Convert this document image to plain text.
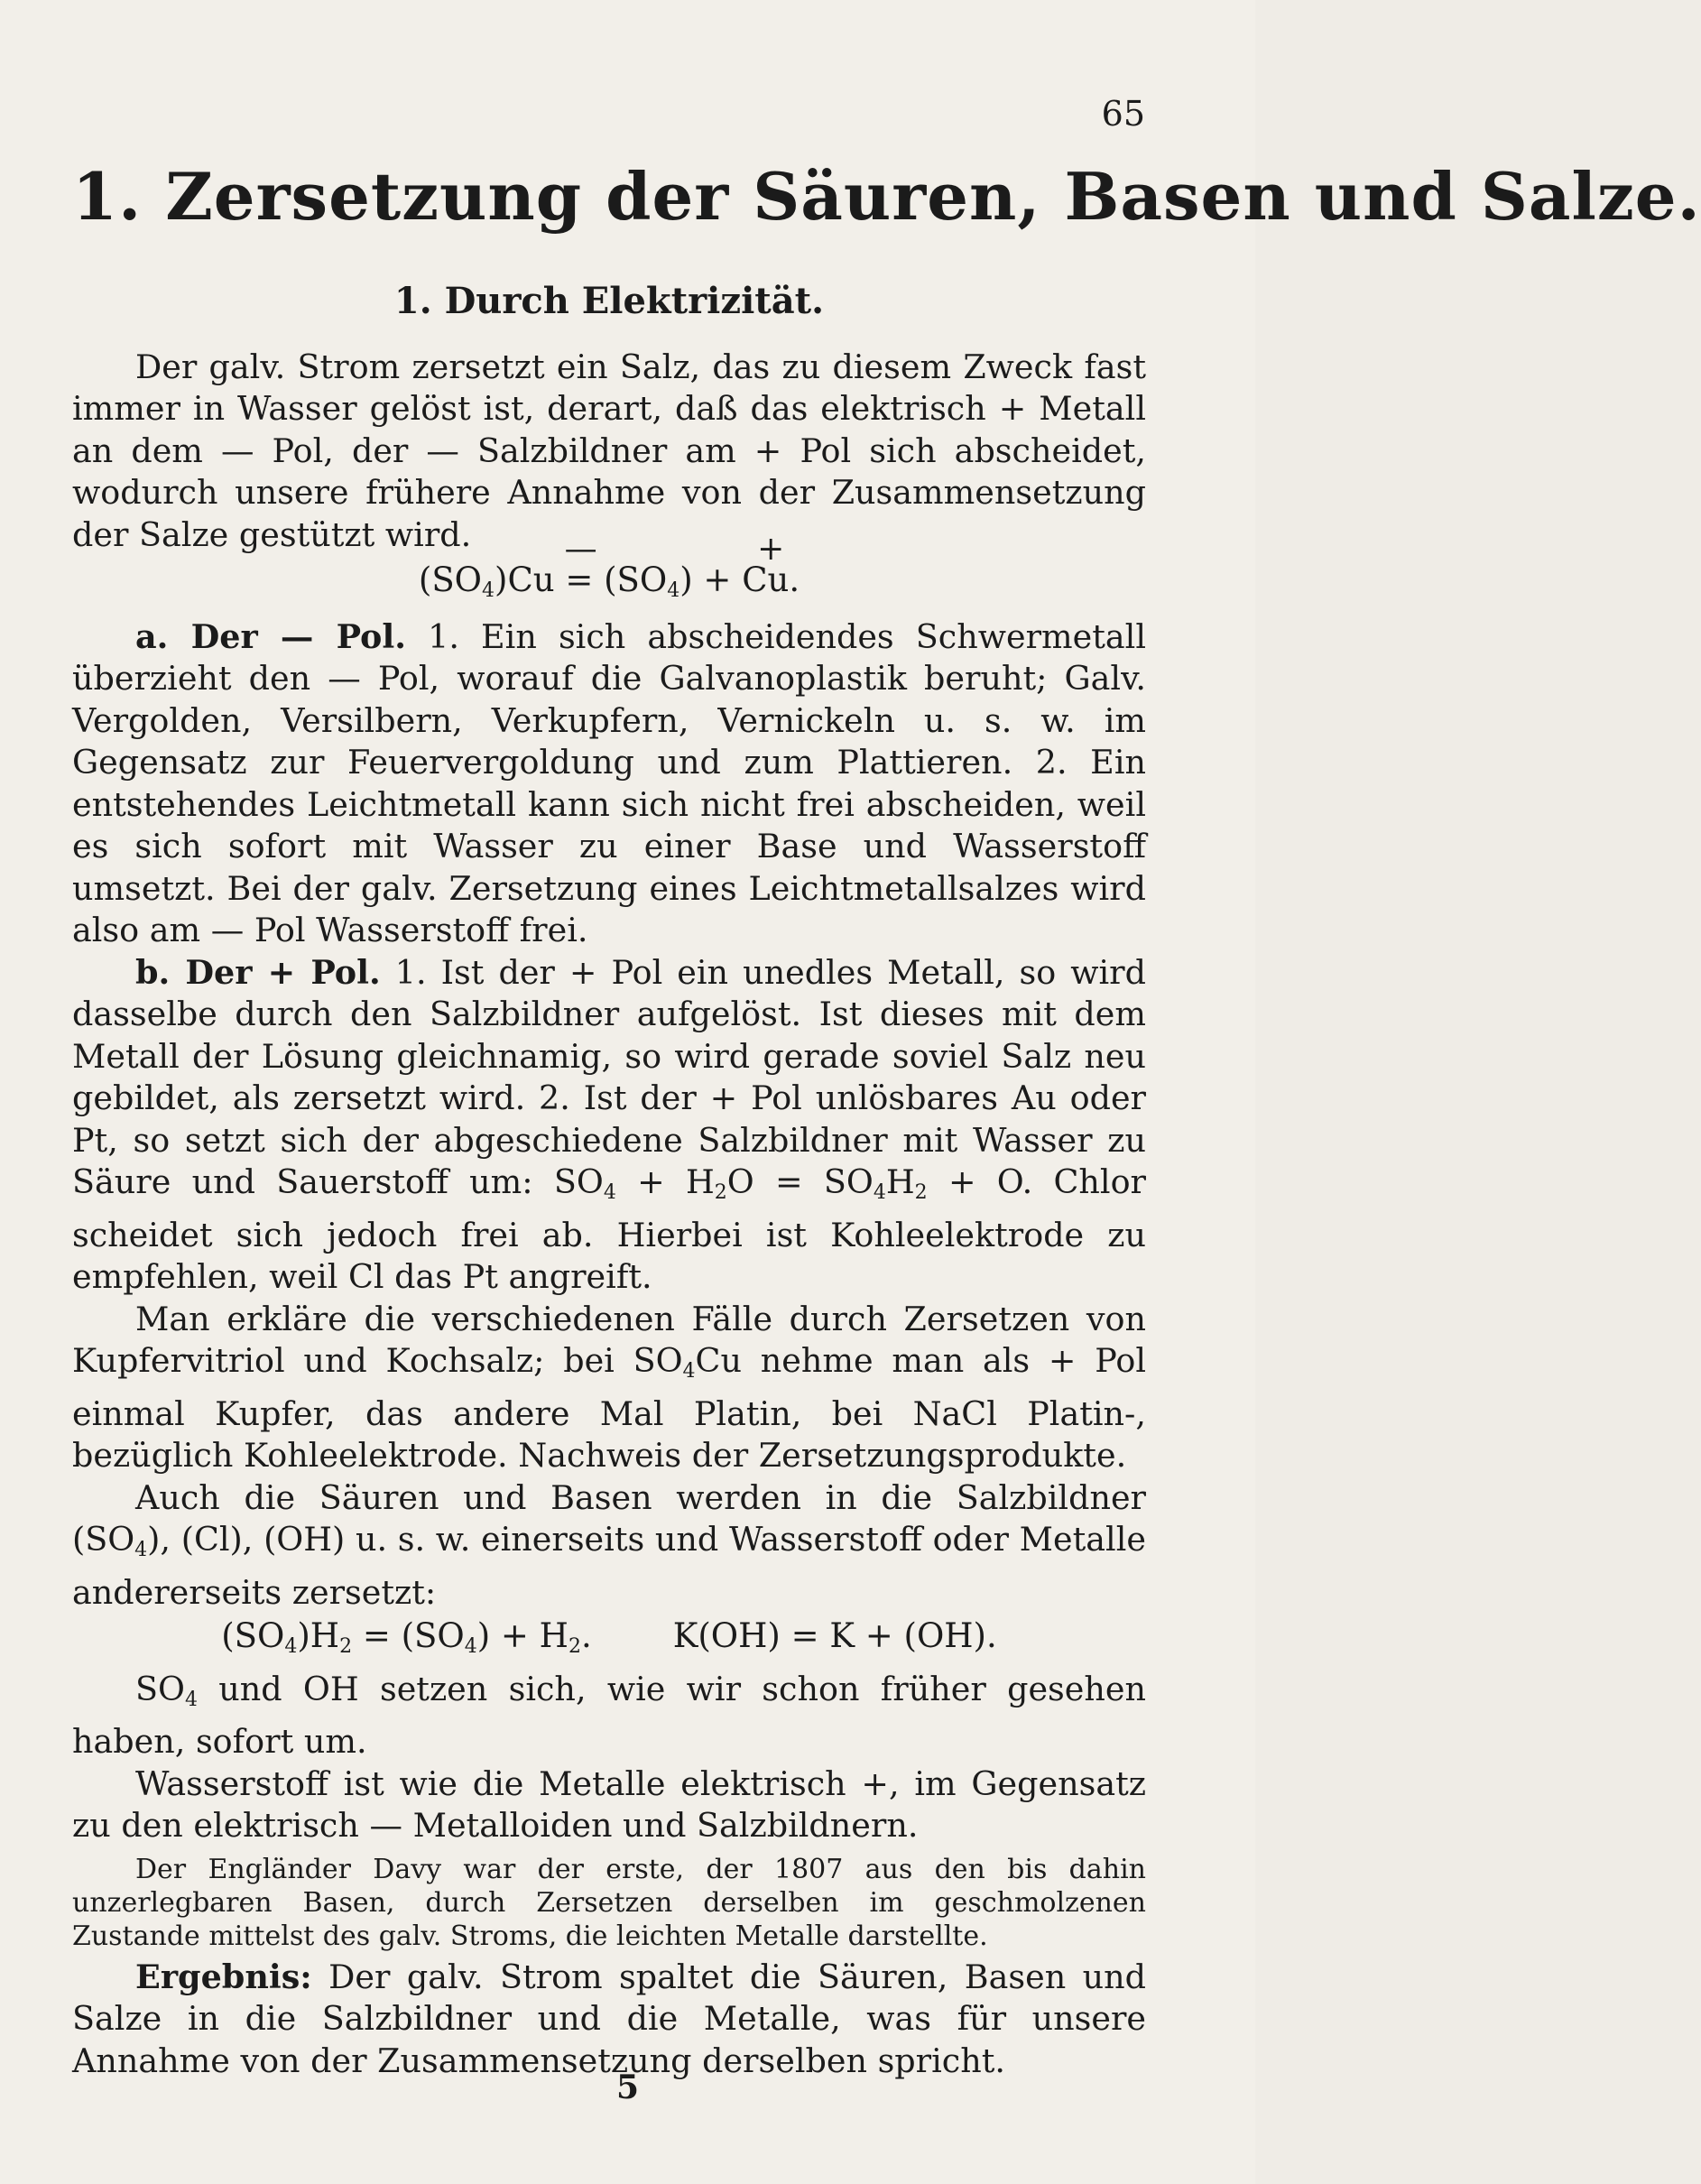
65
1. Zersetzung der Säuren, Basen und Salze.
1. Durch Elektrizität.

Der galv. Strom zersetzt ein Salz, das zu diesem Zweck fast immer in Wasser gelöst ist, derart, daß das elektrisch + Metall an dem — Pol, der — Salzbildner am + Pol sich abscheidet, wodurch unsere frühere Annahme von der Zusammensetzung der Salze gestützt wird.

($SO_4—$ )$Cu = (SO_4)$ + + Cu.

a. Der — Pol. 1. Ein sich abscheidendes Schwermetall überzieht den — Pol, worauf die Galvanoplastik beruht; Galv. Vergolden, Versilbern, Verkupfern, Vernickeln u. s. w. im Gegensatz zur Feuervergoldung und zum Plattieren. 2. Ein entstehendes Leichtmetall kann sich nicht frei abscheiden, weil es sich sofort mit Wasser zu einer Base und Wasserstoff umsetzt. Bei der galv. Zersetzung eines Leichtmetallsalzes wird also am — Pol Wasserstoff frei.

b. Der + Pol. 1. Ist der + Pol ein unedles Metall, so wird dasselbe durch den Salzbildner aufgelöst. Ist dieses mit dem Metall der Lösung gleichnamig, so wird gerade soviel Salz neu gebildet, als zersetzt wird. 2. Ist der + Pol unlösbares Au oder Pt, so setzt sich der abgeschiedene Salzbildner mit Wasser zu Säure und Sauerstoff um: $SO_4 + H_2O = SO_4H_2 + O$. Chlor scheidet sich jedoch frei ab. Hierbei ist Kohleelektrode zu empfehlen, weil Cl das Pt angreift.

Man erkläre die verschiedenen Fälle durch Zersetzen von Kupfervitriol und Kochsalz; bei $SO_4Cu$ nehme man als + Pol einmal Kupfer, das andere Mal Platin, bei NaCl Platin-, bezüglich Kohleelektrode. Nachweis der Zersetzungsprodukte.

Auch die Säuren und Basen werden in die Salzbildner $(SO_4)$, (Cl), (OH) u. s. w. einerseits und Wasserstoff oder Metalle andererseits zersetzt:

$(SO_4)H_2 = (SO_4) + H_2$. K(OH) = K + (OH).

$SO_4$ und OH setzen sich, wie wir schon früher gesehen haben, sofort um.

Wasserstoff ist wie die Metalle elektrisch +, im Gegensatz zu den elektrisch — Metalloiden und Salzbildnern.

Der Engländer Davy war der erste, der 1807 aus den bis dahin unzerlegbaren Basen, durch Zersetzen derselben im geschmolzenen Zustande mittelst des galv. Stroms, die leichten Metalle darstellte.

Ergebnis: Der galv. Strom spaltet die Säuren, Basen und Salze in die Salzbildner und die Metalle, was für unsere Annahme von der Zusammensetzung derselben spricht.

5
